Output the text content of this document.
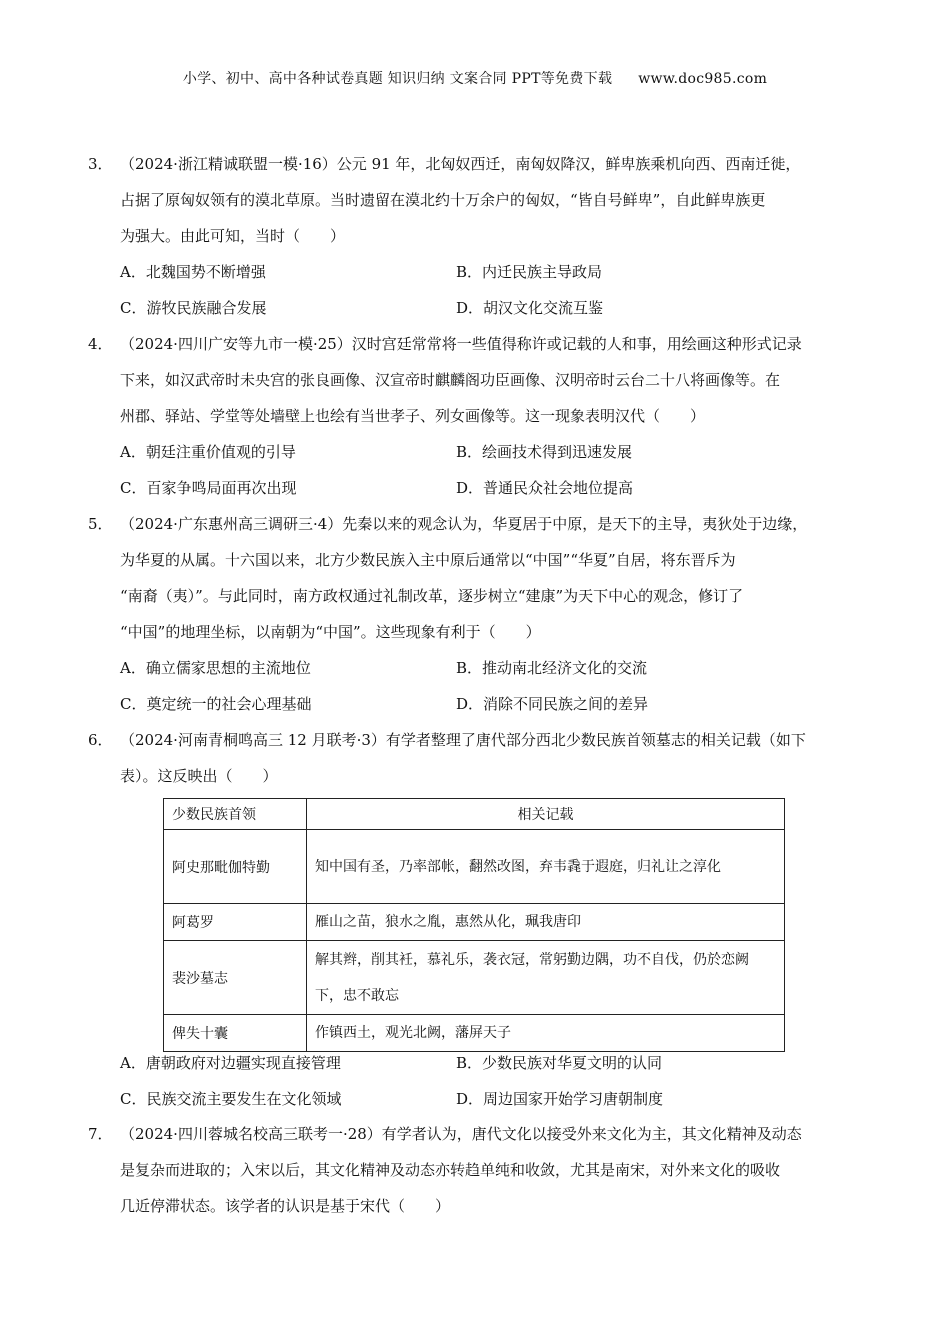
小学、初中、高中各种试卷真题 知识归纳 文案合同 PPT等免费下载 www.doc985.com
3． （2024·浙江精诚联盟一模·16）公元 91 年，北匈奴西迁，南匈奴降汉，鲜卑族乘机向西、西南迁徙，
占据了原匈奴领有的漠北草原。当时遗留在漠北约十万余户的匈奴，“皆自号鲜卑”，自此鲜卑族更
为强大。由此可知，当时（　　）
A．北魏国势不断增强	B．内迁民族主导政局
C．游牧民族融合发展	D．胡汉文化交流互鉴
4． （2024·四川广安等九市一模·25）汉时宫廷常常将一些值得称许或记载的人和事，用绘画这种形式记录
下来，如汉武帝时未央宫的张良画像、汉宣帝时麒麟阁功臣画像、汉明帝时云台二十八将画像等。在
州郡、驿站、学堂等处墙壁上也绘有当世孝子、列女画像等。这一现象表明汉代（　　）
A．朝廷注重价值观的引导	B．绘画技术得到迅速发展
C．百家争鸣局面再次出现	D．普通民众社会地位提高
5． （2024·广东惠州高三调研三·4）先秦以来的观念认为，华夏居于中原，是天下的主导，夷狄处于边缘，
为华夏的从属。十六国以来，北方少数民族入主中原后通常以“中国”“华夏”自居，将东晋斥为
“南裔（夷）”。与此同时，南方政权通过礼制改革，逐步树立“建康”为天下中心的观念，修订了
“中国”的地理坐标，以南朝为“中国”。这些现象有利于（　　）
A．确立儒家思想的主流地位	B．推动南北经济文化的交流
C．奠定统一的社会心理基础	D．消除不同民族之间的差异
6． （2024·河南青桐鸣高三 12 月联考·3）有学者整理了唐代部分西北少数民族首领墓志的相关记载（如下
表）。这反映出（　　）
少数民族首领	相关记载
阿史那毗伽特勤	知中国有圣，乃率部帐，翻然改图，弃韦毳于遐庭，归礼让之淳化
阿葛罗	雁山之苗，狼水之胤，惠然从化，珮我唐印
裴沙墓志	解其辫，削其衽，慕礼乐，袭衣冠，常躬勤边隅，功不自伐，仍於恋阙下，忠不敢忘
俾失十囊	作镇西土，观光北阙，藩屏天子
A．唐朝政府对边疆实现直接管理	B．少数民族对华夏文明的认同
C．民族交流主要发生在文化领域	D．周边国家开始学习唐朝制度
7． （2024·四川蓉城名校高三联考一·28）有学者认为，唐代文化以接受外来文化为主，其文化精神及动态
是复杂而进取的；入宋以后，其文化精神及动态亦转趋单纯和收敛，尤其是南宋，对外来文化的吸收
几近停滞状态。该学者的认识是基于宋代（　　）
